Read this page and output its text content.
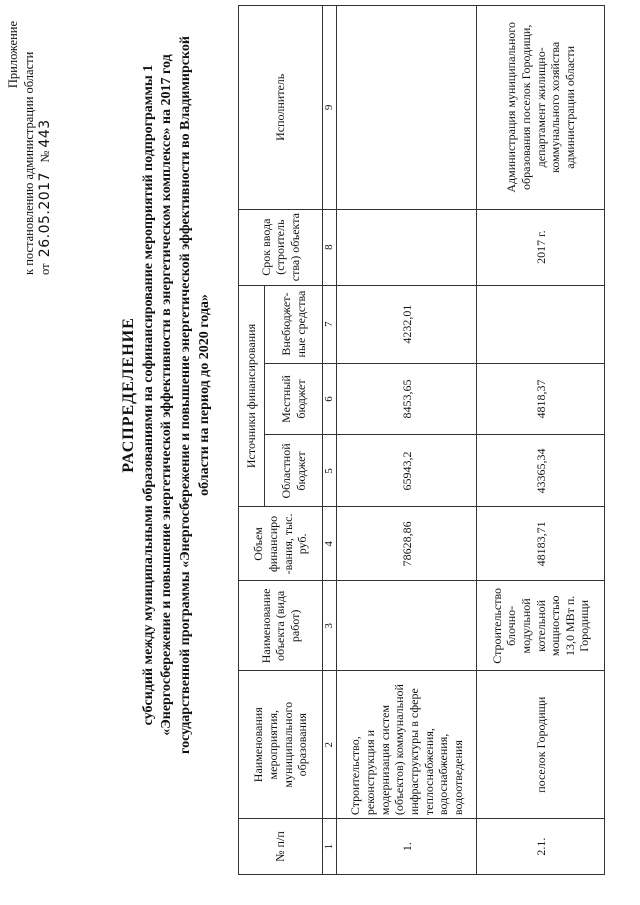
Приложение к постановлению администрации области от  26.05.2017   № 443
РАСПРЕДЕЛЕНИЕ субсидий между муниципальными образованиями на софинансирование мероприятий подпрограммы 1 «Энергосбережение и повышение энергетической эффективности в энергетическом комплексе» на 2017 год государственной программы «Энергосбережение и повышение энергетической эффективности во Владимирской области на период до 2020 года»
№ п/п	Наименования мероприятия, муниципального образования	Наименование объекта (вида работ)	Объем финансиро -вания, тыс. руб.	Источники финансирования			Срок ввода (строитель ства) объекта	Исполнитель
				Областной бюджет	Местный бюджет	Внебюджет-ные средства		
1	2	3	4	5	6	7	8	9
1.	Строительство, реконструкция и модернизация систем (объектов) коммунальной инфраструктуры в сфере теплоснабжения, водоснабжения, водоотведения		78628,86	65943,2	8453,65	4232,01		
2.1.	поселок Городищи	Строительство блочно-модульной котельной мощностью 13,0 МВт п. Городищи	48183,71	43365,34	4818,37		2017 г.	Администрация муниципального образования поселок Городищи, департамент жилищно-коммунального хозяйства администрации области
